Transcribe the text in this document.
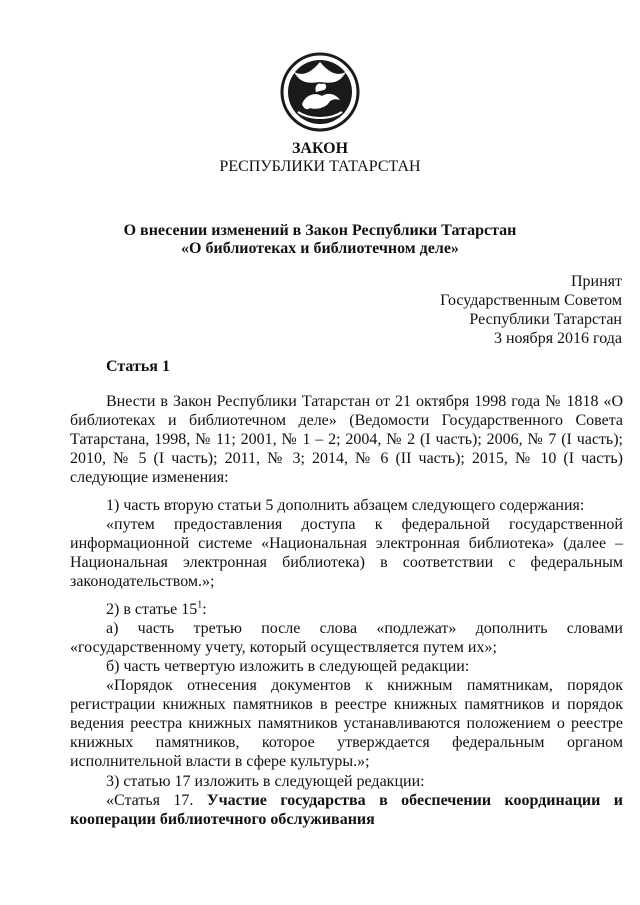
ЗАКОН
РЕСПУБЛИКИ ТАТАРСТАН
О внесении изменений в Закон Республики Татарстан
«О библиотеках и библиотечном деле»
Принят
Государственным Советом
Республики Татарстан
3 ноября 2016 года
Статья 1

Внести в Закон Республики Татарстан от 21 октября 1998 года № 1818 «О библиотеках и библиотечном деле» (Ведомости Государственного Совета Татарстана, 1998, № 11; 2001, № 1 – 2; 2004, № 2 (I часть); 2006, № 7 (I часть); 2010, № 5 (I часть); 2011, № 3; 2014, № 6 (II часть); 2015, № 10 (I часть) следующие изменения:

1) часть вторую статьи 5 дополнить абзацем следующего содержания:

«путем предоставления доступа к федеральной государственной информационной системе «Национальная электронная библиотека» (далее – Национальная электронная библиотека) в соответствии с федеральным законодательством.»;

2) в статье $15^1$:

а) часть третью после слова «подлежат» дополнить словами «государственному учету, который осуществляется путем их»;

б) часть четвертую изложить в следующей редакции:

«Порядок отнесения документов к книжным памятникам, порядок регистрации книжных памятников в реестре книжных памятников и порядок ведения реестра книжных памятников устанавливаются положением о реестре книжных памятников, которое утверждается федеральным органом исполнительной власти в сфере культуры.»;

3) статью 17 изложить в следующей редакции:

«Статья 17. Участие государства в обеспечении координации и кооперации библиотечного обслуживания
